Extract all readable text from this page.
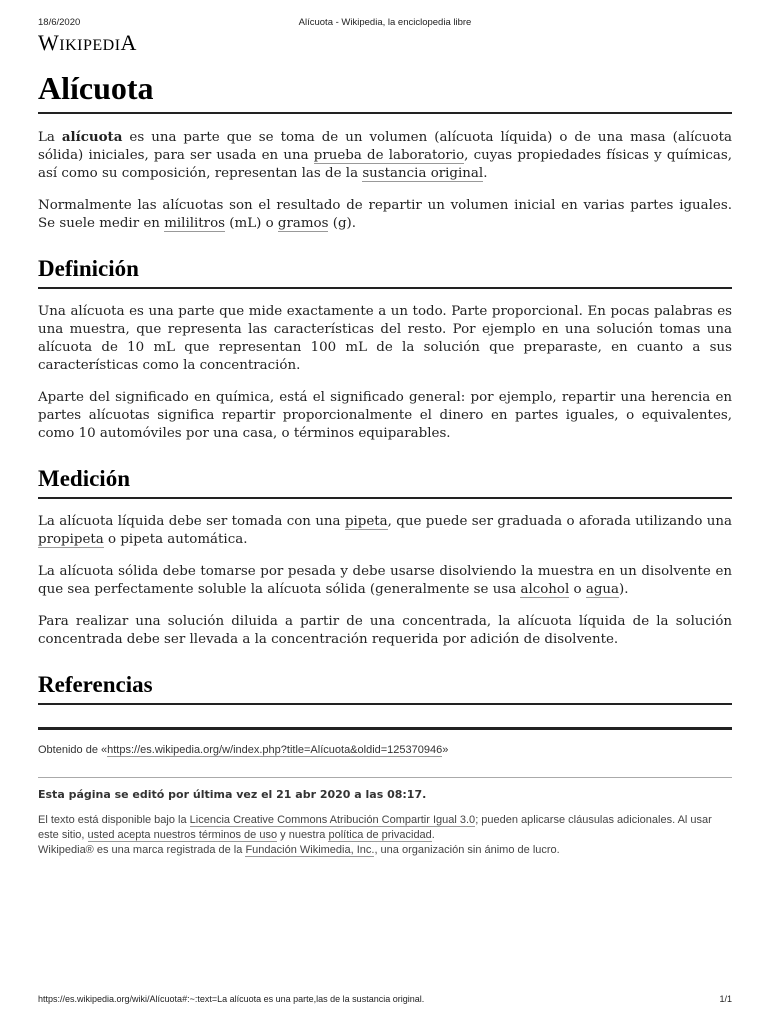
18/6/2020	Alícuota - Wikipedia, la enciclopedia libre
WIKIPEDIA
Alícuota

La alícuota es una parte que se toma de un volumen (alícuota líquida) o de una masa (alícuota sólida) iniciales, para ser usada en una prueba de laboratorio, cuyas propiedades físicas y químicas, así como su composición, representan las de la sustancia original.

Normalmente las alícuotas son el resultado de repartir un volumen inicial en varias partes iguales. Se suele medir en mililitros (mL) o gramos (g).

Definición

Una alícuota es una parte que mide exactamente a un todo. Parte proporcional. En pocas palabras es una muestra, que representa las características del resto. Por ejemplo en una solución tomas una alícuota de 10 mL que representan 100 mL de la solución que preparaste, en cuanto a sus características como la concentración.

Aparte del significado en química, está el significado general: por ejemplo, repartir una herencia en partes alícuotas significa repartir proporcionalmente el dinero en partes iguales, o equivalentes, como 10 automóviles por una casa, o términos equiparables.

Medición

La alícuota líquida debe ser tomada con una pipeta, que puede ser graduada o aforada utilizando una propipeta o pipeta automática.

La alícuota sólida debe tomarse por pesada y debe usarse disolviendo la muestra en un disolvente en que sea perfectamente soluble la alícuota sólida (generalmente se usa alcohol o agua).

Para realizar una solución diluida a partir de una concentrada, la alícuota líquida de la solución concentrada debe ser llevada a la concentración requerida por adición de disolvente.

Referencias
Obtenido de «https://es.wikipedia.org/w/index.php?title=Alícuota&oldid=125370946»
Esta página se editó por última vez el 21 abr 2020 a las 08:17.
El texto está disponible bajo la Licencia Creative Commons Atribución Compartir Igual 3.0; pueden aplicarse cláusulas adicionales. Al usar este sitio, usted acepta nuestros términos de uso y nuestra política de privacidad.
Wikipedia® es una marca registrada de la Fundación Wikimedia, Inc., una organización sin ánimo de lucro.
https://es.wikipedia.org/wiki/Alícuota#:~:text=La alícuota es una parte,las de la sustancia original.	1/1
